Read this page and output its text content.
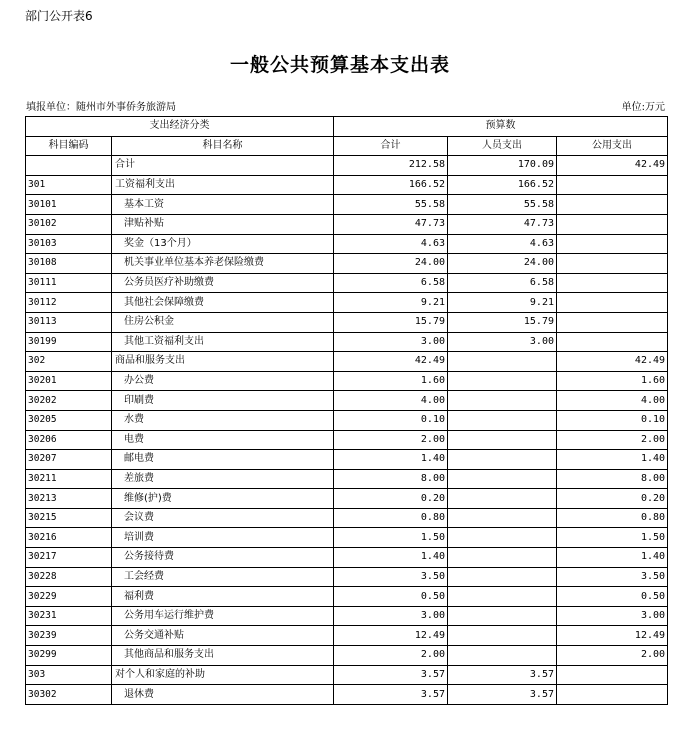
部门公开表6
一般公共预算基本支出表
填报单位：随州市外事侨务旅游局	单位:万元
支出经济分类		预算数		
科目编码	科目名称	合计	人员支出	公用支出
	合计	212.58	170.09	42.49
301	工资福利支出	166.52	166.52	
30101	基本工资	55.58	55.58	
30102	津贴补贴	47.73	47.73	
30103	奖金（13个月）	4.63	4.63	
30108	机关事业单位基本养老保险缴费	24.00	24.00	
30111	公务员医疗补助缴费	6.58	6.58	
30112	其他社会保障缴费	9.21	9.21	
30113	住房公积金	15.79	15.79	
30199	其他工资福利支出	3.00	3.00	
302	商品和服务支出	42.49		42.49
30201	办公费	1.60		1.60
30202	印刷费	4.00		4.00
30205	水费	0.10		0.10
30206	电费	2.00		2.00
30207	邮电费	1.40		1.40
30211	差旅费	8.00		8.00
30213	维修(护)费	0.20		0.20
30215	会议费	0.80		0.80
30216	培训费	1.50		1.50
30217	公务接待费	1.40		1.40
30228	工会经费	3.50		3.50
30229	福利费	0.50		0.50
30231	公务用车运行维护费	3.00		3.00
30239	公务交通补贴	12.49		12.49
30299	其他商品和服务支出	2.00		2.00
303	对个人和家庭的补助	3.57	3.57	
30302	退休费	3.57	3.57	
